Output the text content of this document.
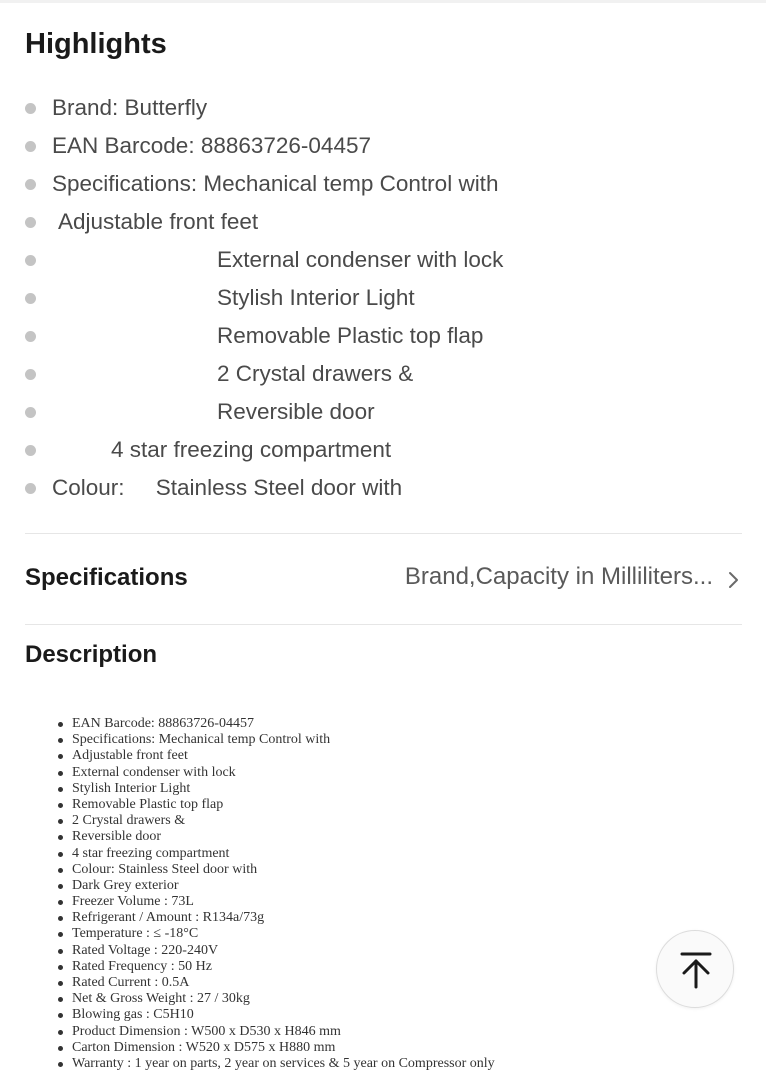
Highlights
Brand: Butterfly
EAN Barcode: 88863726-04457
Specifications: Mechanical temp Control with
Adjustable front feet
External condenser with lock
Stylish Interior Light
Removable Plastic top flap
2 Crystal drawers &
Reversible door
4 star freezing compartment
Colour:     Stainless Steel door with
Specifications	Brand,Capacity in Milliliters...
Description
EAN Barcode: 88863726-04457
Specifications: Mechanical temp Control with
Adjustable front feet
External condenser with lock
Stylish Interior Light
Removable Plastic top flap
2 Crystal drawers &
Reversible door
4 star freezing compartment
Colour: Stainless Steel door with
Dark Grey exterior
Freezer Volume : 73L
Refrigerant / Amount : R134a/73g
Temperature : ≤ -18°C
Rated Voltage : 220-240V
Rated Frequency : 50 Hz
Rated Current : 0.5A
Net & Gross Weight : 27 / 30kg
Blowing gas : C5H10
Product Dimension : W500 x D530 x H846 mm
Carton Dimension : W520 x D575 x H880 mm
Warranty : 1 year on parts, 2 year on services & 5 year on Compressor only
